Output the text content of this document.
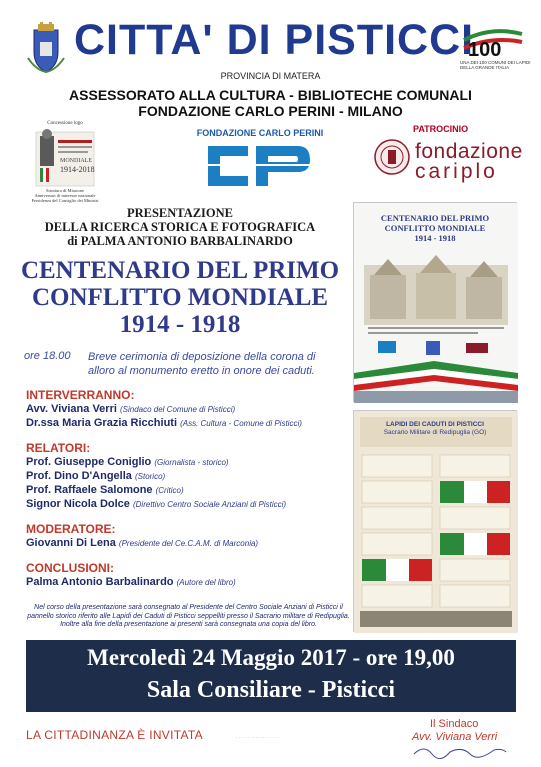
CITTA' DI PISTICCI
PROVINCIA DI MATERA
100
UNA DEI 100 COMUNI DEI LAPIDI DELLA GRANDE ITALIA
ASSESSORATO ALLA CULTURA - BIBLIOTECHE COMUNALI
FONDAZIONE CARLO PERINI - MILANO
Concessione logo
MONDIALE
1914-2018
Struttura di Missione
Anniversari di interesse nazionale
Presidenza del Consiglio dei Ministri
FONDAZIONE CARLO PERINI	PATROCINIO
fondazione
cariplo
PRESENTAZIONE
DELLA RICERCA STORICA E FOTOGRAFICA
di PALMA ANTONIO BARBALINARDO
CENTENARIO DEL PRIMO
CONFLITTO MONDIALE
1914 - 1918
ore 18.00 Breve cerimonia di deposizione della corona di alloro al monumento eretto in onore dei caduti.
INTERVERRANNO:
Avv. Viviana Verri (Sindaco del Comune di Pisticci)
Dr.ssa Maria Grazia Ricchiuti (Ass. Cultura - Comune di Pisticci)
RELATORI:
Prof. Giuseppe Coniglio (Giornalista - storico)
Prof. Dino D'Angella (Storico)
Prof. Raffaele Salomone (Critico)
Signor Nicola Dolce (Direttivo Centro Sociale Anziani di Pisticci)
MODERATORE:
Giovanni Di Lena (Presidente del Ce.C.A.M. di Marconia)
CONCLUSIONI:
Palma Antonio Barbalinardo (Autore del libro)
Nel corso della presentazione sarà consegnato al Presidente del Centro Sociale Anziani di Pisticci il pannello storico riferito alle Lapidi dei Caduti di Pisticci seppelliti presso il Sacrario militare di Redipuglia. Inoltre alla fine della presentazione ai presenti sarà consegnata una copia del libro.
CENTENARIO DEL PRIMO
CONFLITTO MONDIALE
1914 - 1918
LAPIDI DEI CADUTI DI PISTICCI
Sacrario Militare di Redipuglia (GO)
Mercoledì 24 Maggio 2017 - ore 19,00
Sala Consiliare - Pisticci
LA CITTADINANZA È INVITATA	· · · · · · · · · · · · · · · · · ·
Il Sindaco
Avv. Viviana Verri
